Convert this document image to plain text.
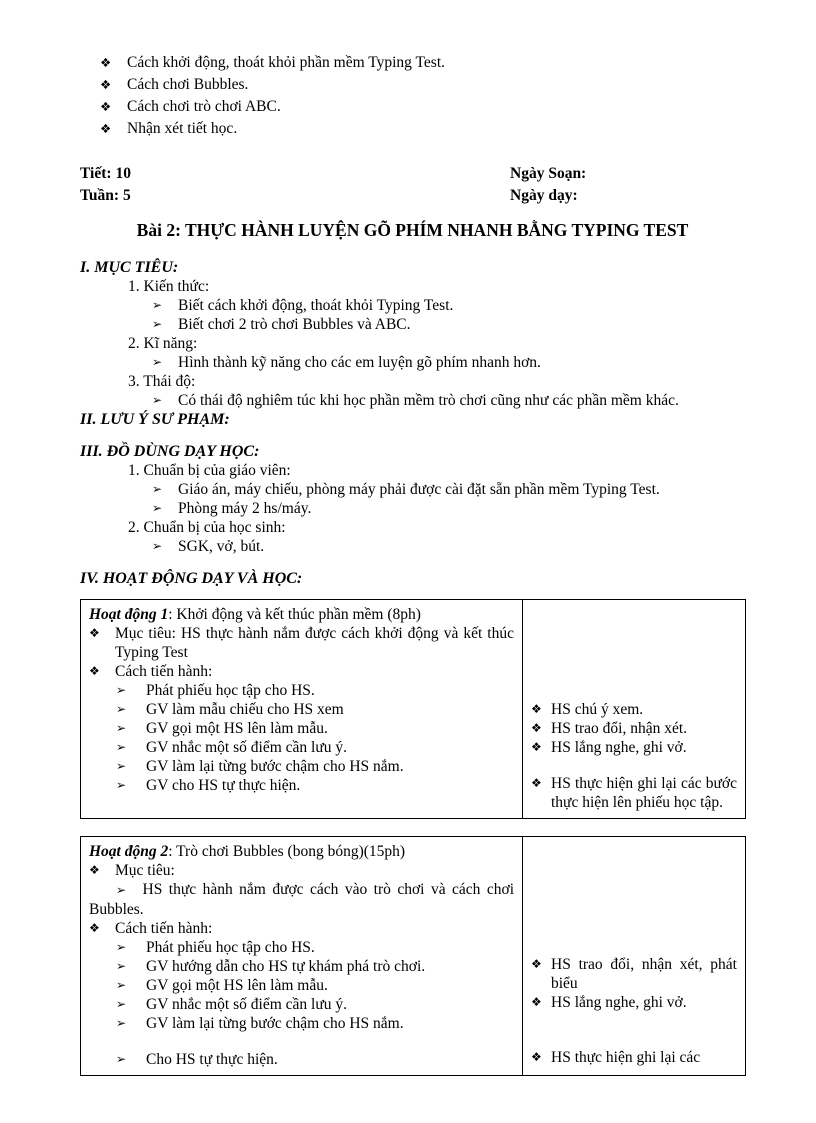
❖
Cách khởi động, thoát khỏi phần mềm Typing Test.
❖
Cách chơi Bubbles.
❖
Cách chơi trò chơi ABC.
❖
Nhận xét tiết học.
Tiết: 10
Tuần: 5
Ngày Soạn:
Ngày dạy:
Bài 2: THỰC HÀNH LUYỆN GÕ PHÍM NHANH BẰNG TYPING TEST
I. MỤC TIÊU:
1. Kiến thức:
➢
Biết cách khởi động, thoát khỏi Typing Test.
➢
Biết chơi 2 trò chơi Bubbles và ABC.
2. Kĩ năng:
➢
Hình thành kỹ năng cho các em luyện gõ phím nhanh hơn.
3. Thái độ:
➢
Có thái độ nghiêm túc khi học phần mềm trò chơi cũng như các phần mềm khác.
II. LƯU Ý SƯ PHẠM:
III. ĐỒ DÙNG DẠY HỌC:
1. Chuẩn bị của giáo viên:
➢
Giáo án, máy chiếu, phòng máy phải được cài đặt sẵn phần mềm Typing Test.
➢
Phòng máy 2 hs/máy.
2. Chuẩn bị của học sinh:
➢
SGK, vở, bút.
IV. HOẠT ĐỘNG DẠY VÀ HỌC:
Hoạt động 1: Khởi động và kết thúc phần mềm (8ph)
❖
Mục tiêu: HS thực hành nắm được cách khởi động và kết thúc Typing Test
❖
Cách tiến hành:
➢
Phát phiếu học tập cho HS.
➢
GV làm mẫu chiếu cho HS xem
➢
GV gọi một HS lên làm mẫu.
➢
GV nhắc một số điểm cần lưu ý.
➢
GV làm lại từng bước chậm cho HS nắm.
➢
GV cho HS tự thực hiện.

❖
HS chú ý xem.
❖
HS trao đổi, nhận xét.
❖
HS lắng nghe, ghi vở.
❖
HS thực hiện ghi lại các bước thực hiện lên phiếu học tập.
Hoạt động 2: Trò chơi Bubbles (bong bóng)(15ph)
❖
Mục tiêu:
➢ HS thực hành nắm được cách vào trò chơi và cách chơi Bubbles.
❖
Cách tiến hành:
➢
Phát phiếu học tập cho HS.
➢
GV hướng dẫn cho HS tự khám phá trò chơi.
➢
GV gọi một HS lên làm mẫu.
➢
GV nhắc một số điểm cần lưu ý.
➢
GV làm lại từng bước chậm cho HS nắm.
➢
Cho HS tự thực hiện.

❖
HS trao đổi, nhận xét, phát biểu
❖
HS lắng nghe, ghi vở.
❖
HS thực hiện ghi lại các
